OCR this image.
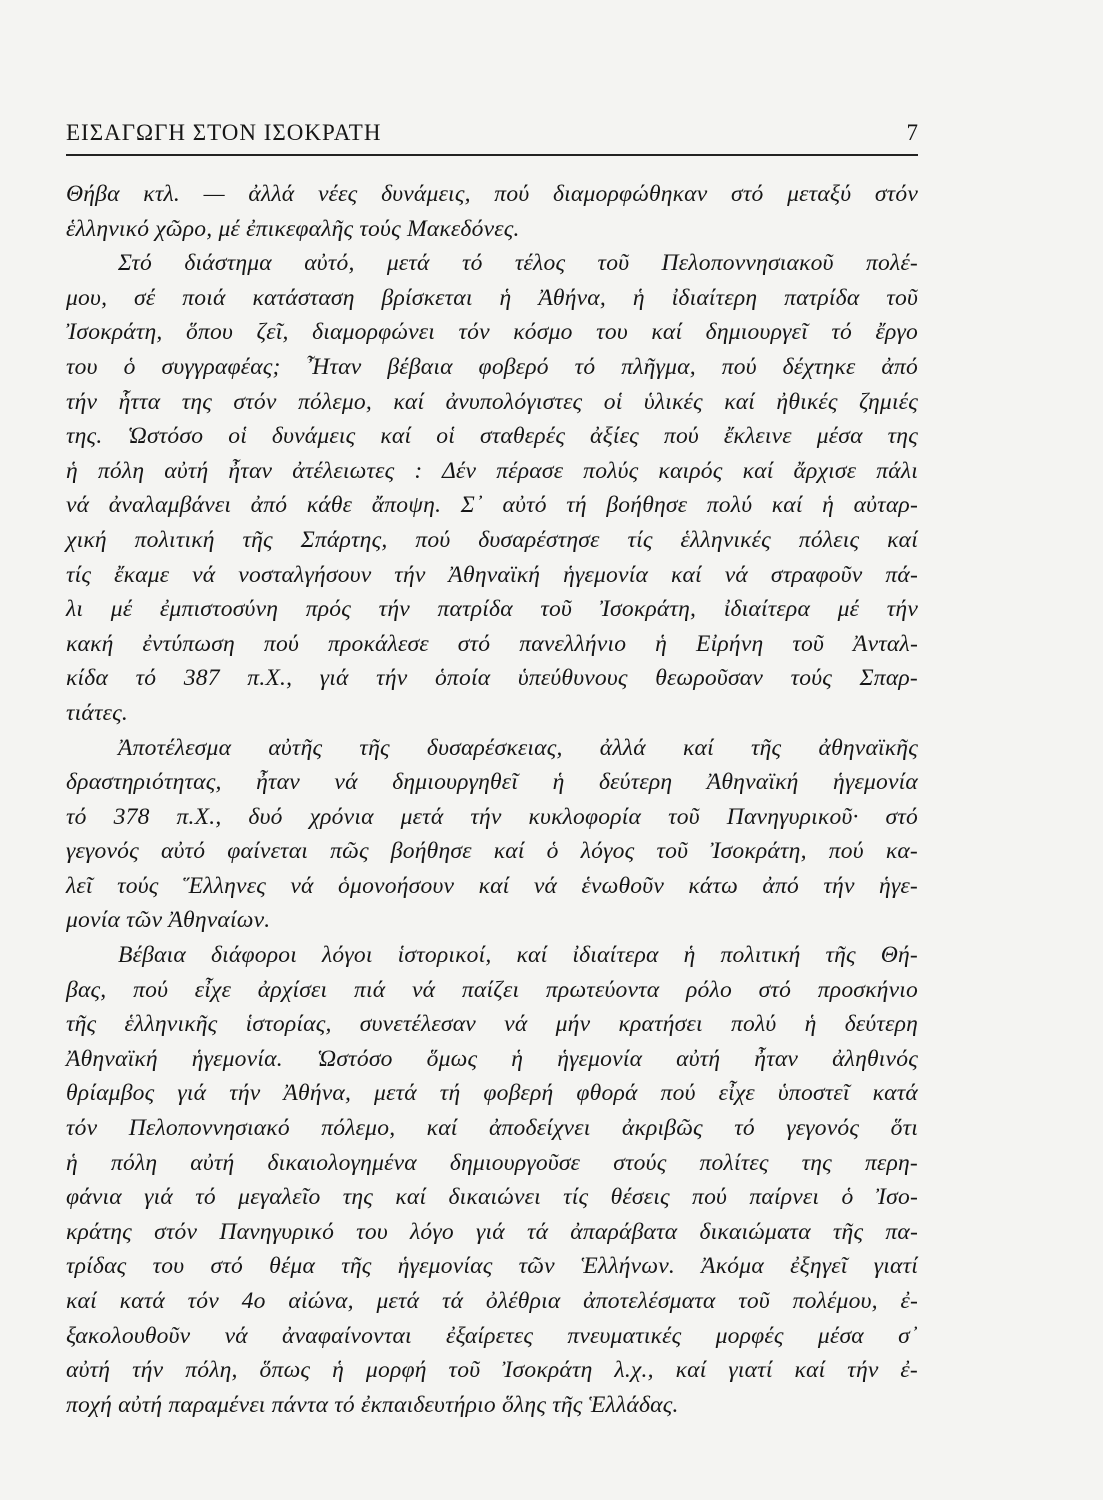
ΕΙΣΑΓΩΓΗ ΣΤΟΝ ΙΣΟΚΡΑΤΗ	7
Θήβα κτλ. — ἀλλά νέες δυνάμεις, πού διαμορφώθηκαν στό μεταξύ στόν
ἑλληνικό χῶρο, μέ ἐπικεφαλῆς τούς Μακεδόνες.
Στό διάστημα αὐτό, μετά τό τέλος τοῦ Πελοποννησιακοῦ πολέ-
μου, σέ ποιά κατάσταση βρίσκεται ἡ Ἀθήνα, ἡ ἰδιαίτερη πατρίδα τοῦ
Ἰσοκράτη, ὅπου ζεῖ, διαμορφώνει τόν κόσμο του καί δημιουργεῖ τό ἔργο
του ὁ συγγραφέας; Ἦταν βέβαια φοβερό τό πλῆγμα, πού δέχτηκε ἀπό
τήν ἧττα της στόν πόλεμο, καί ἀνυπολόγιστες οἱ ὑλικές καί ἠθικές ζημιές
της. Ὡστόσο οἱ δυνάμεις καί οἱ σταθερές ἀξίες πού ἔκλεινε μέσα της
ἡ πόλη αὐτή ἦταν ἀτέλειωτες : Δέν πέρασε πολύς καιρός καί ἄρχισε πάλι
νά ἀναλαμβάνει ἀπό κάθε ἄποψη. Σ᾽ αὐτό τή βοήθησε πολύ καί ἡ αὐταρ-
χική πολιτική τῆς Σπάρτης, πού δυσαρέστησε τίς ἑλληνικές πόλεις καί
τίς ἔκαμε νά νοσταλγήσουν τήν Ἀθηναϊκή ἡγεμονία καί νά στραφοῦν πά-
λι μέ ἐμπιστοσύνη πρός τήν πατρίδα τοῦ Ἰσοκράτη, ἰδιαίτερα μέ τήν
κακή ἐντύπωση πού προκάλεσε στό πανελλήνιο ἡ Εἰρήνη τοῦ Ἀνταλ-
κίδα τό 387 π.Χ., γιά τήν ὁποία ὑπεύθυνους θεωροῦσαν τούς Σπαρ-
τιάτες.
Ἀποτέλεσμα αὐτῆς τῆς δυσαρέσκειας, ἀλλά καί τῆς ἀθηναϊκῆς
δραστηριότητας, ἦταν νά δημιουργηθεῖ ἡ δεύτερη Ἀθηναϊκή ἡγεμονία
τό 378 π.Χ., δυό χρόνια μετά τήν κυκλοφορία τοῦ Πανηγυρικοῦ· στό
γεγονός αὐτό φαίνεται πῶς βοήθησε καί ὁ λόγος τοῦ Ἰσοκράτη, πού κα-
λεῖ τούς Ἕλληνες νά ὁμονοήσουν καί νά ἑνωθοῦν κάτω ἀπό τήν ἡγε-
μονία τῶν Ἀθηναίων.
Βέβαια διάφοροι λόγοι ἱστορικοί, καί ἰδιαίτερα ἡ πολιτική τῆς Θή-
βας, πού εἶχε ἀρχίσει πιά νά παίζει πρωτεύοντα ρόλο στό προσκήνιο
τῆς ἑλληνικῆς ἱστορίας, συνετέλεσαν νά μήν κρατήσει πολύ ἡ δεύτερη
Ἀθηναϊκή ἡγεμονία. Ὡστόσο ὅμως ἡ ἡγεμονία αὐτή ἦταν ἀληθινός
θρίαμβος γιά τήν Ἀθήνα, μετά τή φοβερή φθορά πού εἶχε ὑποστεῖ κατά
τόν Πελοποννησιακό πόλεμο, καί ἀποδείχνει ἀκριβῶς τό γεγονός ὅτι
ἡ πόλη αὐτή δικαιολογημένα δημιουργοῦσε στούς πολίτες της περη-
φάνια γιά τό μεγαλεῖο της καί δικαιώνει τίς θέσεις πού παίρνει ὁ Ἰσο-
κράτης στόν Πανηγυρικό του λόγο γιά τά ἀπαράβατα δικαιώματα τῆς πα-
τρίδας του στό θέμα τῆς ἡγεμονίας τῶν Ἑλλήνων. Ἀκόμα ἐξηγεῖ γιατί
καί κατά τόν 4ο αἰώνα, μετά τά ὀλέθρια ἀποτελέσματα τοῦ πολέμου, ἐ-
ξακολουθοῦν νά ἀναφαίνονται ἐξαίρετες πνευματικές μορφές μέσα σ᾽
αὐτή τήν πόλη, ὅπως ἡ μορφή τοῦ Ἰσοκράτη λ.χ., καί γιατί καί τήν ἐ-
ποχή αὐτή παραμένει πάντα τό ἐκπαιδευτήριο ὅλης τῆς Ἑλλάδας.
